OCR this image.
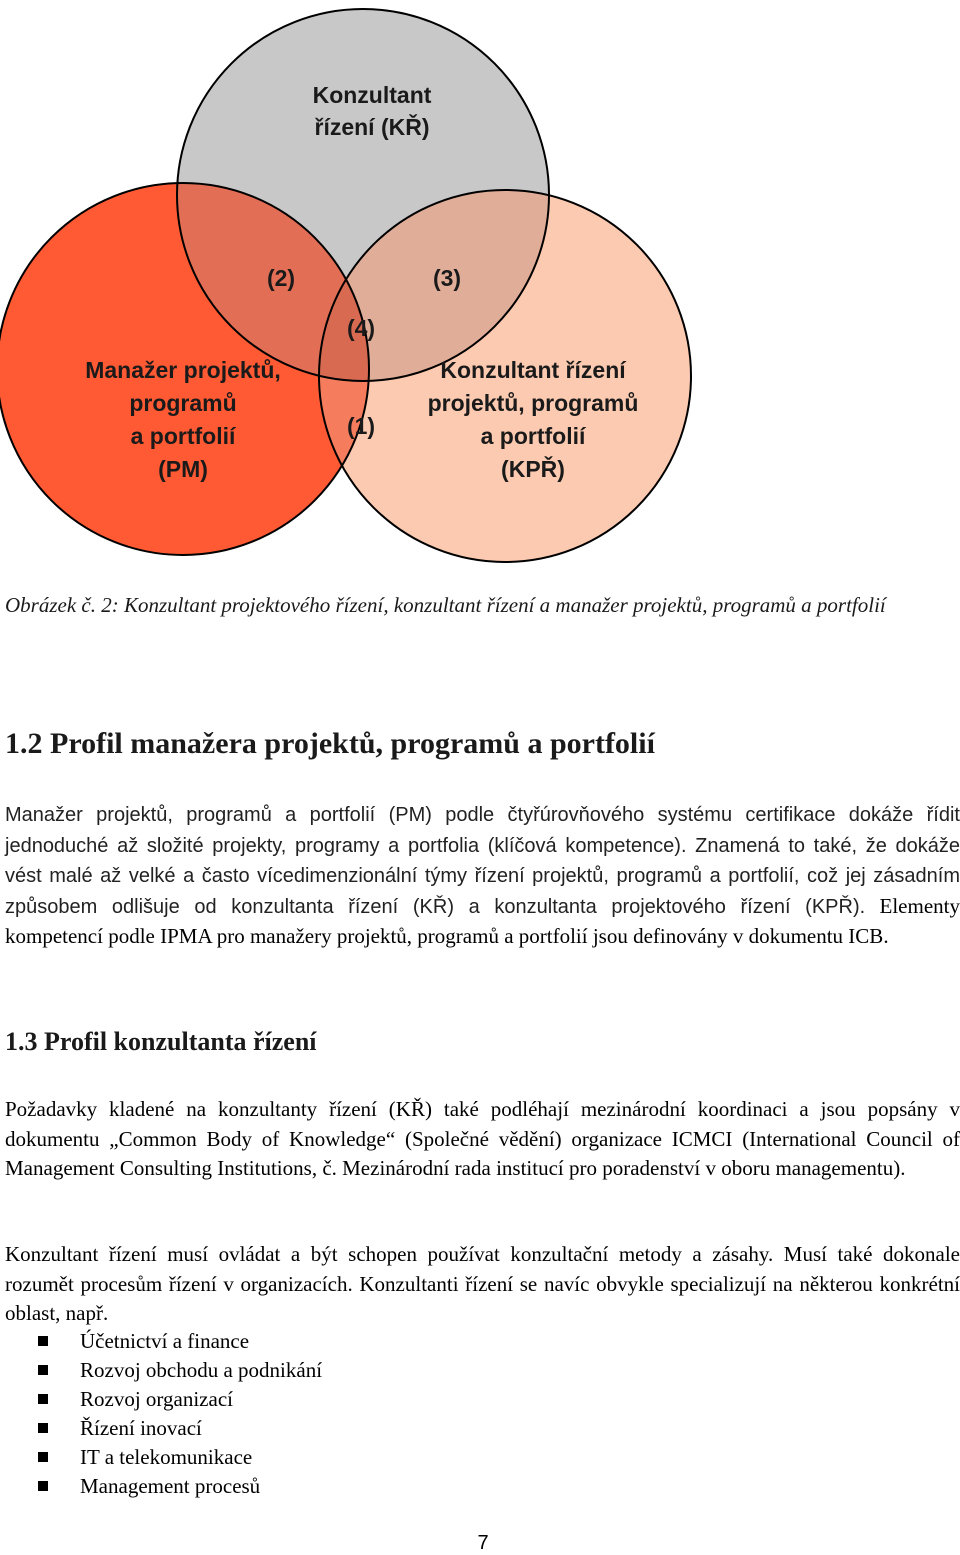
Konzultant
řízení (KŘ)
Manažer projektů,
programů
a portfolií
(PM)
Konzultant řízení
projektů, programů
a portfolií
(KPŘ)
(2)	(3)
(4)
(1)
Obrázek č. 2: Konzultant projektového řízení, konzultant řízení a manažer projektů, programů a portfolií
1.2 Profil manažera projektů, programů a portfolií

Manažer projektů, programů a portfolií (PM) podle čtyřúrovňového systému certifikace dokáže řídit jednoduché až složité projekty, programy a portfolia (klíčová kompetence). Znamená to také, že dokáže vést malé až velké a často vícedimenzionální týmy řízení projektů, programů a portfolií, což jej zásadním způsobem odlišuje od konzultanta řízení (KŘ) a konzultanta projektového řízení (KPŘ). Elementy kompetencí podle IPMA pro manažery projektů, programů a portfolií jsou definovány v dokumentu ICB.

1.3 Profil konzultanta řízení

Požadavky kladené na konzultanty řízení (KŘ) také podléhají mezinárodní koordinaci a jsou popsány v dokumentu „Common Body of Knowledge“ (Společné vědění) organizace ICMCI (International Council of Management Consulting Institutions, č. Mezinárodní rada institucí pro poradenství v oboru managementu).

Konzultant řízení musí ovládat a být schopen používat konzultační metody a zásahy. Musí také dokonale rozumět procesům řízení v organizacích. Konzultanti řízení se navíc obvykle specializují na některou konkrétní oblast, např.

Účetnictví a finance
Rozvoj obchodu a podnikání
Rozvoj organizací
Řízení inovací
IT a telekomunikace
Management procesů
7
